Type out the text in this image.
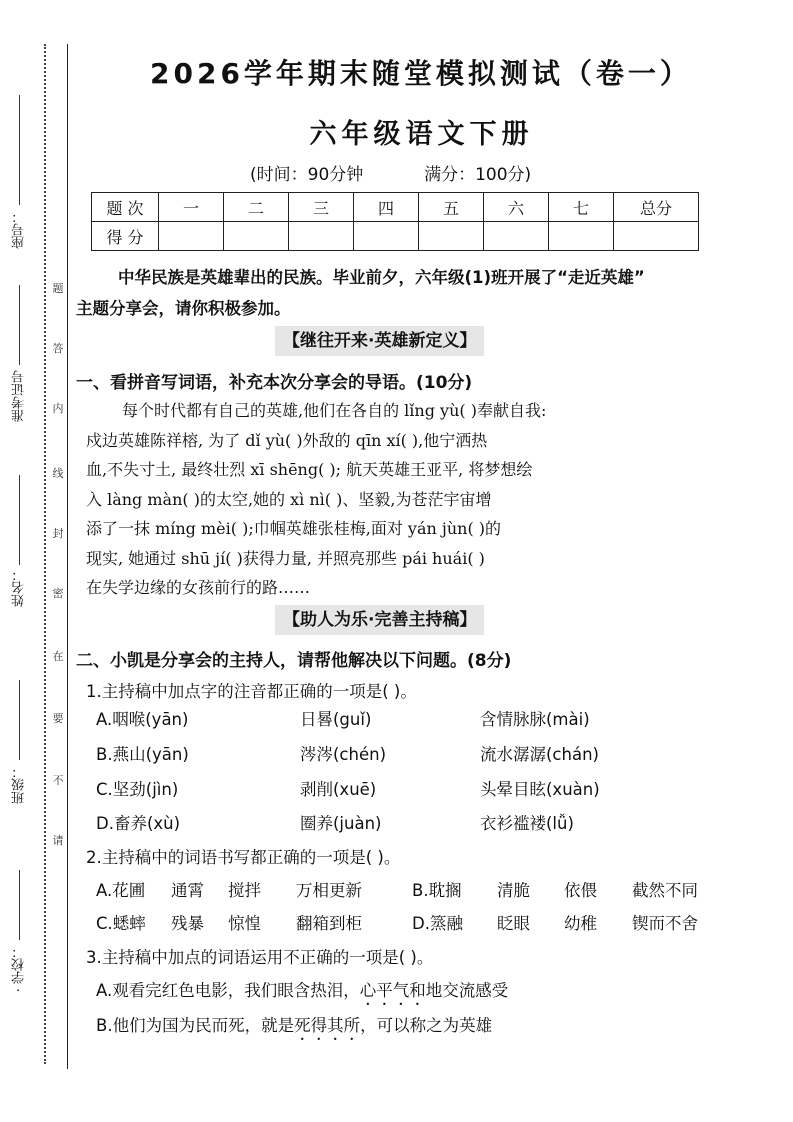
座号：
准考证号
姓名：
班级：
· 学校：
题
答
内
线
封
密
在
要
不
请
2026学年期末随堂模拟测试（卷一）
六年级语文下册
(时间：90分钟	满分：100分)
题 次	一	二	三	四	五	六	七	总分
得 分								
中华民族是英雄辈出的民族。毕业前夕，六年级(1)班开展了“走近英雄”
主题分享会，请你积极参加。
【继往开来·英雄新定义】
一、看拼音写词语，补充本次分享会的导语。(10分)

每个时代都有自己的英雄,他们在各自的 lǐng yù( )奉献自我:

戍边英雄陈祥榕, 为了 dǐ yù( )外敌的 qīn xí( ),他宁洒热

血,不失寸土, 最终壮烈 xī shēng( ); 航天英雄王亚平, 将梦想绘

入 làng màn( )的太空,她的 xì nì( )、坚毅,为苍茫宇宙增

添了一抹 míng mèi( );巾帼英雄张桂梅,面对 yán jùn( )的

现实, 她通过 shū jí( )获得力量, 并照亮那些 pái huái( )

在失学边缘的女孩前行的路……

【助人为乐·完善主持稿】
二、小凯是分享会的主持人，请帮他解决以下问题。(8分)
1.主持稿中加点字的注音都正确的一项是( )。
A.咽喉(yān)	日晷(guǐ)	含情脉脉(mài)
B.燕山(yān)	涔涔(chén)	流水潺潺(chán)
C.坚劲(jìn)	剥削(xuē)	头晕目眩(xuàn)
D.畜养(xù)	圈养(juàn)	衣衫褴褛(lǚ)
2.主持稿中的词语书写都正确的一项是( )。
A.花圃 通霄 搅拌 万相更新	B.耽搁 清脆 依偎 截然不同
C.蟋蟀 残暴 惊惶 翻箱到柜	D.篜融 眨眼 幼稚 锲而不舍
3.主持稿中加点的词语运用不正确的一项是( )。
A.观看完红色电影，我们眼含热泪，心平气和地交流感受
B.他们为国为民而死，就是死得其所，可以称之为英雄
